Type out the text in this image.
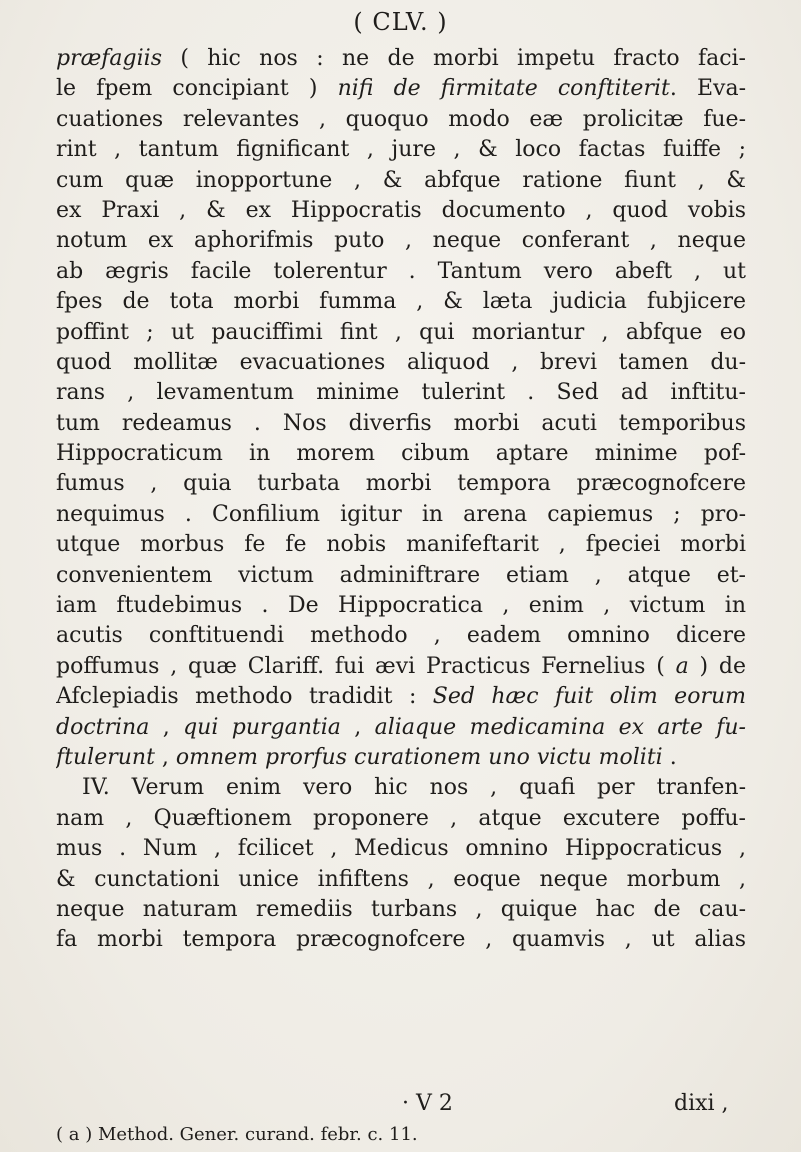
( CLV. )
præfagiis ( hic nos : ne de morbi impetu fracto faci-
le fpem concipiant ) nifi de firmitate conftiterit. Eva-
cuationes relevantes , quoquo modo eæ prolicitæ fue-
rint , tantum fignificant , jure , & loco factas fuiffe ;
cum quæ inopportune , & abfque ratione fiunt , &
ex Praxi , & ex Hippocratis documento , quod vobis
notum ex aphorifmis puto , neque conferant , neque
ab ægris facile tolerentur . Tantum vero abeft , ut
fpes de tota morbi fumma , & læta judicia fubjicere
poffint ; ut pauciffimi fint , qui moriantur , abfque eo
quod mollitæ evacuationes aliquod , brevi tamen du-
rans , levamentum minime tulerint . Sed ad inftitu-
tum redeamus . Nos diverfis morbi acuti temporibus
Hippocraticum in morem cibum aptare minime pof-
fumus , quia turbata morbi tempora præcognofcere
nequimus . Confilium igitur in arena capiemus ; pro-
utque morbus fe fe nobis manifeftarit , fpeciei morbi
convenientem victum adminiftrare etiam , atque et-
iam ftudebimus . De Hippocratica , enim , victum in
acutis conftituendi methodo , eadem omnino dicere
poffumus , quæ Clariff. fui ævi Practicus Fernelius ( a ) de
Afclepiadis methodo tradidit : Sed hæc fuit olim eorum
doctrina , qui purgantia , aliaque medicamina ex arte fu-
ftulerunt , omnem prorfus curationem uno victu moliti .
IV. Verum enim vero hic nos , quafi per tranfen-
nam , Quæftionem proponere , atque excutere poffu-
mus . Num , fcilicet , Medicus omnino Hippocraticus ,
& cunctationi unice infiftens , eoque neque morbum ,
neque naturam remediis turbans , quique hac de cau-
fa morbi tempora præcognofcere , quamvis , ut alias
· V 2	dixi ,
( a ) Method. Gener. curand. febr. c. 11.
